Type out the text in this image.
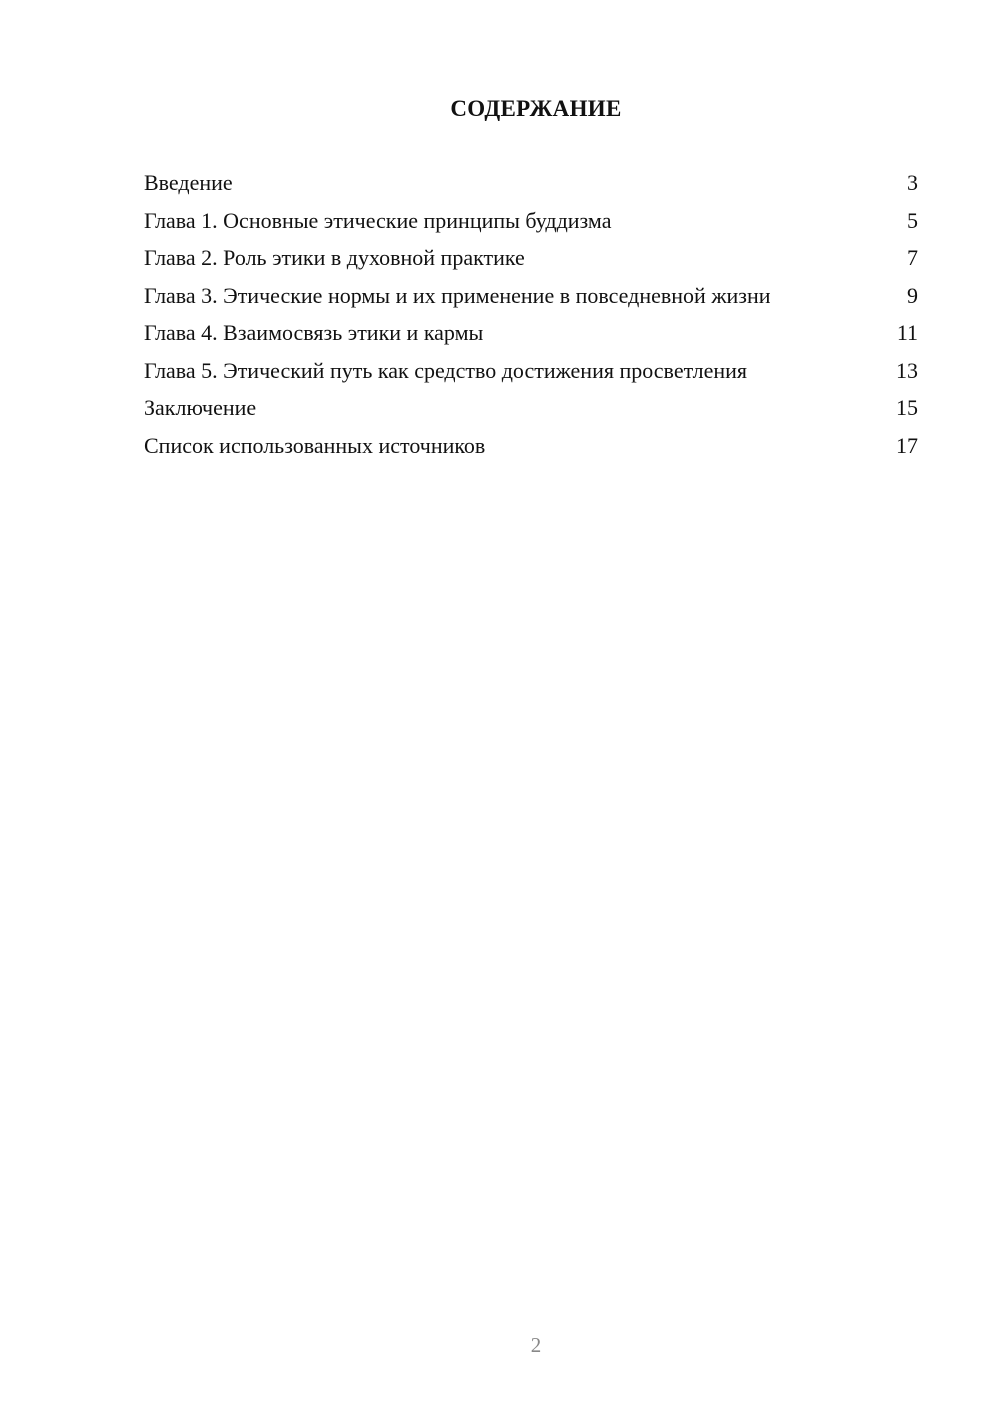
СОДЕРЖАНИЕ
Введение	3
Глава 1. Основные этические принципы буддизма	5
Глава 2. Роль этики в духовной практике	7
Глава 3. Этические нормы и их применение в повседневной жизни	9
Глава 4. Взаимосвязь этики и кармы	11
Глава 5. Этический путь как средство достижения просветления	13
Заключение	15
Список использованных источников	17
2
